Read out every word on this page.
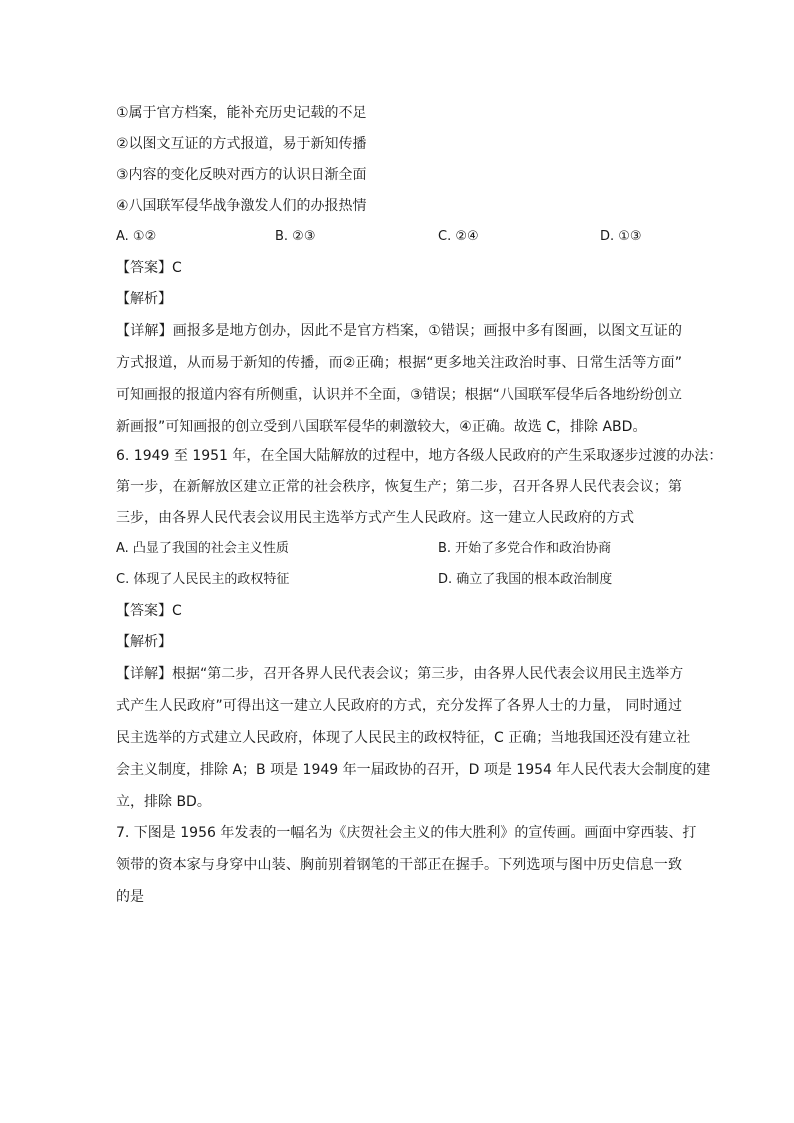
①属于官方档案，能补充历史记载的不足
②以图文互证的方式报道，易于新知传播
③内容的变化反映对西方的认识日渐全面
④八国联军侵华战争激发人们的办报热情
A. ①②	B. ②③	C. ②④	D. ①③
【答案】C
【解析】
【详解】画报多是地方创办，因此不是官方档案，①错误；画报中多有图画，以图文互证的
方式报道，从而易于新知的传播，而②正确；根据“更多地关注政治时事、日常生活等方面”
可知画报的报道内容有所侧重，认识并不全面，③错误；根据“八国联军侵华后各地纷纷创立
新画报”可知画报的创立受到八国联军侵华的刺激较大，④正确。故选 C，排除 ABD。
6. 1949 至 1951 年，在全国大陆解放的过程中，地方各级人民政府的产生采取逐步过渡的办法：
第一步，在新解放区建立正常的社会秩序，恢复生产；第二步，召开各界人民代表会议；第
三步，由各界人民代表会议用民主选举方式产生人民政府。这一建立人民政府的方式
A. 凸显了我国的社会主义性质	B. 开始了多党合作和政治协商
C. 体现了人民民主的政权特征	D. 确立了我国的根本政治制度
【答案】C
【解析】
【详解】根据“第二步，召开各界人民代表会议；第三步，由各界人民代表会议用民主选举方
式产生人民政府”可得出这一建立人民政府的方式，充分发挥了各界人士的力量， 同时通过
民主选举的方式建立人民政府，体现了人民民主的政权特征，C 正确；当地我国还没有建立社
会主义制度，排除 A；B 项是 1949 年一届政协的召开，D 项是 1954 年人民代表大会制度的建
立，排除 BD。
7. 下图是 1956 年发表的一幅名为《庆贺社会主义的伟大胜利》的宣传画。画面中穿西装、打
领带的资本家与身穿中山装、胸前别着钢笔的干部正在握手。下列选项与图中历史信息一致
的是
